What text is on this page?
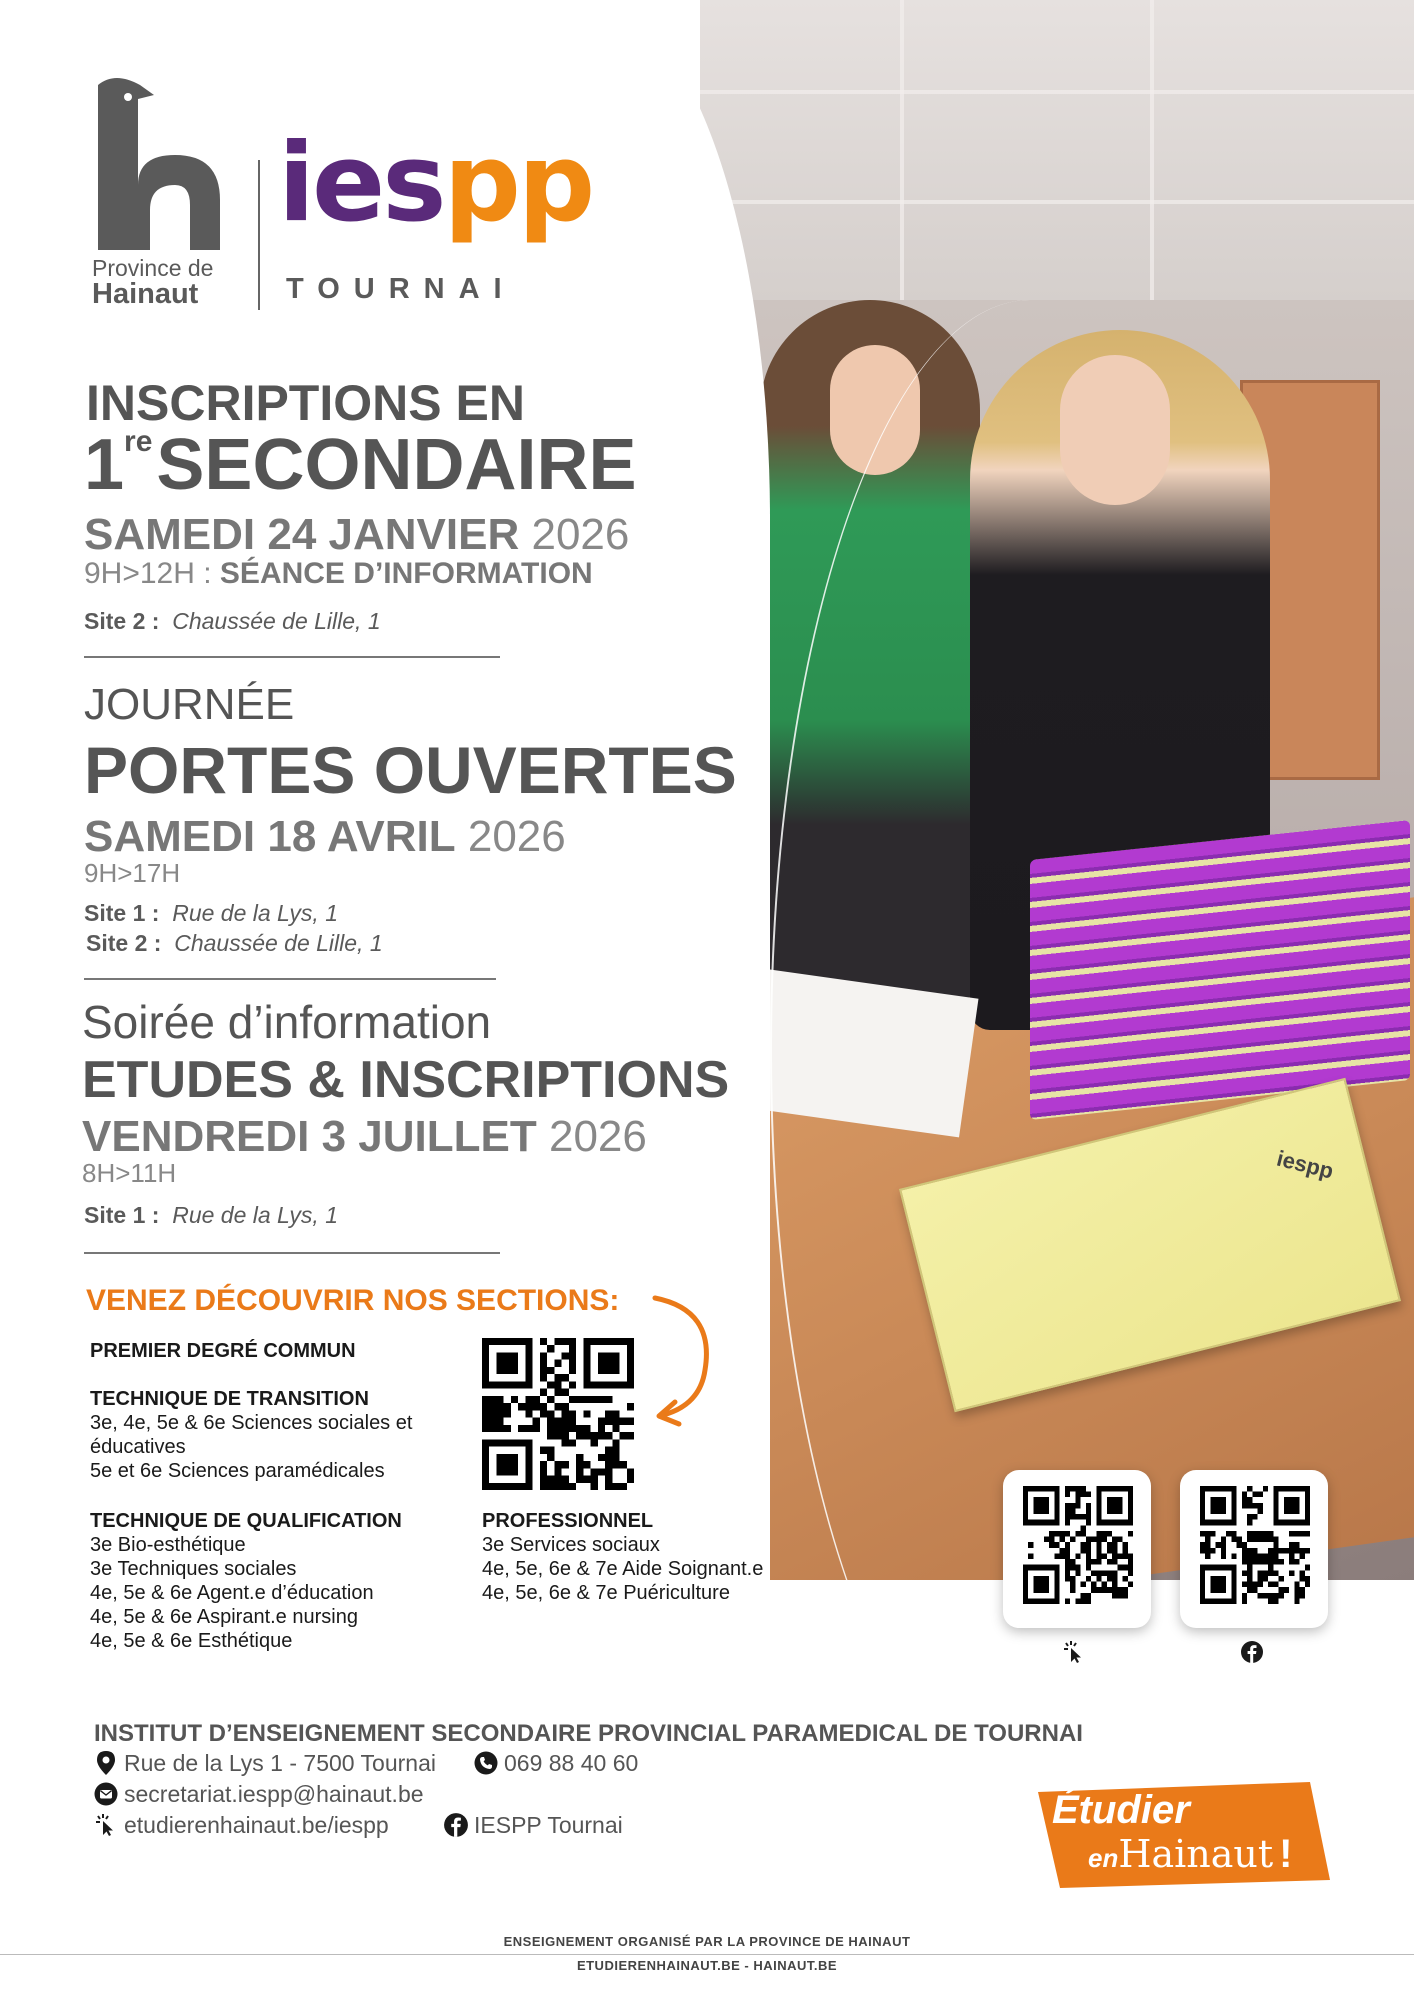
iespp
Province de
Hainaut
iespp
TOURNAI
INSCRIPTIONS EN
1reSECONDAIRE
SAMEDI 24 JANVIER 2026
9H>12H : SÉANCE D’INFORMATION
Site 2 : Chaussée de Lille, 1
JOURNÉE
PORTES OUVERTES
SAMEDI 18 AVRIL 2026
9H>17H
Site 1 : Rue de la Lys, 1
Site 2 : Chaussée de Lille, 1
Soirée d’information
ETUDES & INSCRIPTIONS
VENDREDI 3 JUILLET 2026
8H>11H
Site 1 : Rue de la Lys, 1
VENEZ DÉCOUVRIR NOS SECTIONS:
PREMIER DEGRÉ COMMUN
TECHNIQUE DE TRANSITION
3e, 4e, 5e & 6e Sciences sociales et
éducatives
5e et 6e Sciences paramédicales
TECHNIQUE DE QUALIFICATION
3e Bio-esthétique
3e Techniques sociales
4e, 5e & 6e Agent.e d’éducation
4e, 5e & 6e Aspirant.e nursing
4e, 5e & 6e Esthétique
PROFESSIONNEL
3e Services sociaux
4e, 5e, 6e & 7e Aide Soignant.e
4e, 5e, 6e & 7e Puériculture
INSTITUT D’ENSEIGNEMENT SECONDAIRE PROVINCIAL PARAMEDICAL DE TOURNAI
Rue de la Lys 1 - 7500 Tournai	069 88 40 60
secretariat.iespp@hainaut.be
etudierenhainaut.be/iespp	IESPP Tournai	Étudier
enHainaut !
ENSEIGNEMENT ORGANISÉ PAR LA PROVINCE DE HAINAUT
ETUDIERENHAINAUT.BE - HAINAUT.BE
